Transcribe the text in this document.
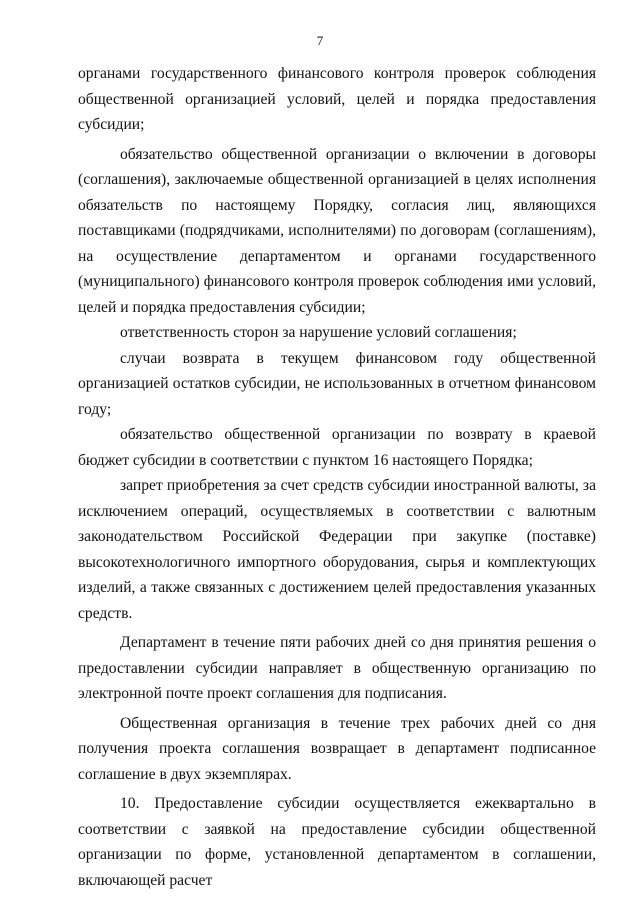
7

органами государственного финансового контроля проверок соблюдения общественной организацией условий, целей и порядка предоставления субсидии;

обязательство общественной организации о включении в договоры (соглашения), заключаемые общественной организацией в целях исполнения обязательств по настоящему Порядку, согласия лиц, являющихся поставщиками (подрядчиками, исполнителями) по договорам (соглашениям), на осуществление департаментом и органами государственного (муниципального) финансового контроля проверок соблюдения ими условий, целей и порядка предоставления субсидии;

ответственность сторон за нарушение условий соглашения;

случаи возврата в текущем финансовом году общественной организацией остатков субсидии, не использованных в отчетном финансовом году;

обязательство общественной организации по возврату в краевой бюджет субсидии в соответствии с пунктом 16 настоящего Порядка;

запрет приобретения за счет средств субсидии иностранной валюты, за исключением операций, осуществляемых в соответствии с валютным законодательством Российской Федерации при закупке (поставке) высокотехнологичного импортного оборудования, сырья и комплектующих изделий, а также связанных с достижением целей предоставления указанных средств.

Департамент в течение пяти рабочих дней со дня принятия решения о предоставлении субсидии направляет в общественную организацию по электронной почте проект соглашения для подписания.

Общественная организация в течение трех рабочих дней со дня получения проекта соглашения возвращает в департамент подписанное соглашение в двух экземплярах.

10. Предоставление субсидии осуществляется ежеквартально в соответствии с заявкой на предоставление субсидии общественной организации по форме, установленной департаментом в соглашении, включающей расчет
